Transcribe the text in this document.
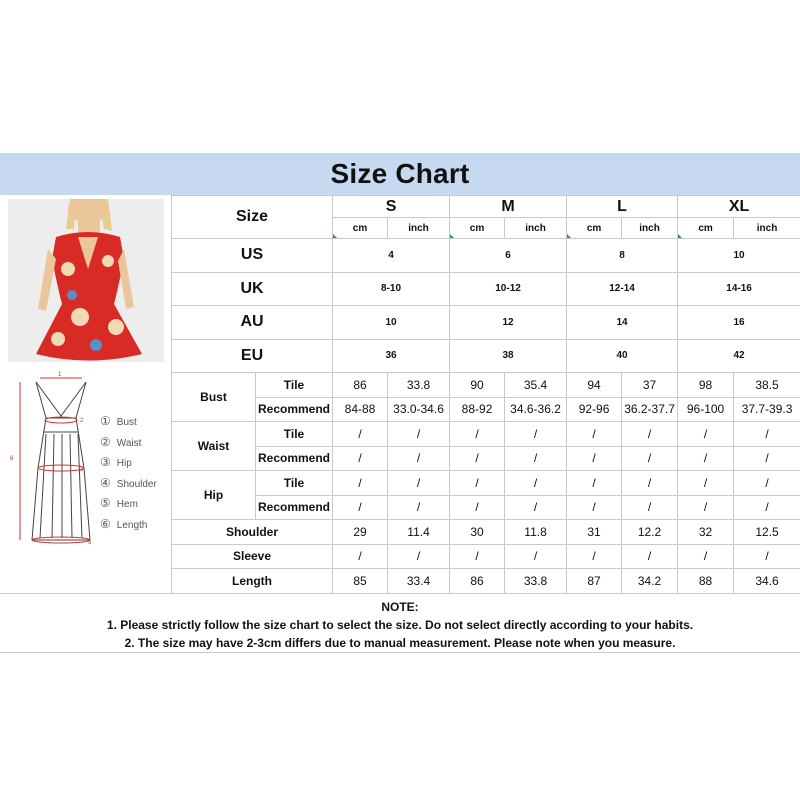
Size Chart
1
2
3
5
6
① Bust
② Waist
③ Hip
④ Shoulder
⑤ Hem
⑥ Length
Size		S		M		L		XL	
		cm	inch	cm	inch	cm	inch	cm	inch
US		4		6		8		10	
UK		8-10		10-12		12-14		14-16	
AU		10		12		14		16	
EU		36		38		40		42	
Bust	Tile	86	33.8	90	35.4	94	37	98	38.5
	Recommend	84-88	33.0-34.6	88-92	34.6-36.2	92-96	36.2-37.7	96-100	37.7-39.3
Waist	Tile	/	/	/	/	/	/	/	/
	Recommend	/	/	/	/	/	/	/	/
Hip	Tile	/	/	/	/	/	/	/	/
	Recommend	/	/	/	/	/	/	/	/
Shoulder		29	11.4	30	11.8	31	12.2	32	12.5
Sleeve		/	/	/	/	/	/	/	/
Length		85	33.4	86	33.8	87	34.2	88	34.6
NOTE:
1. Please strictly follow the size chart to select the size. Do not select directly according to your habits.
2. The size may have 2-3cm differs due to manual measurement. Please note when you measure.
